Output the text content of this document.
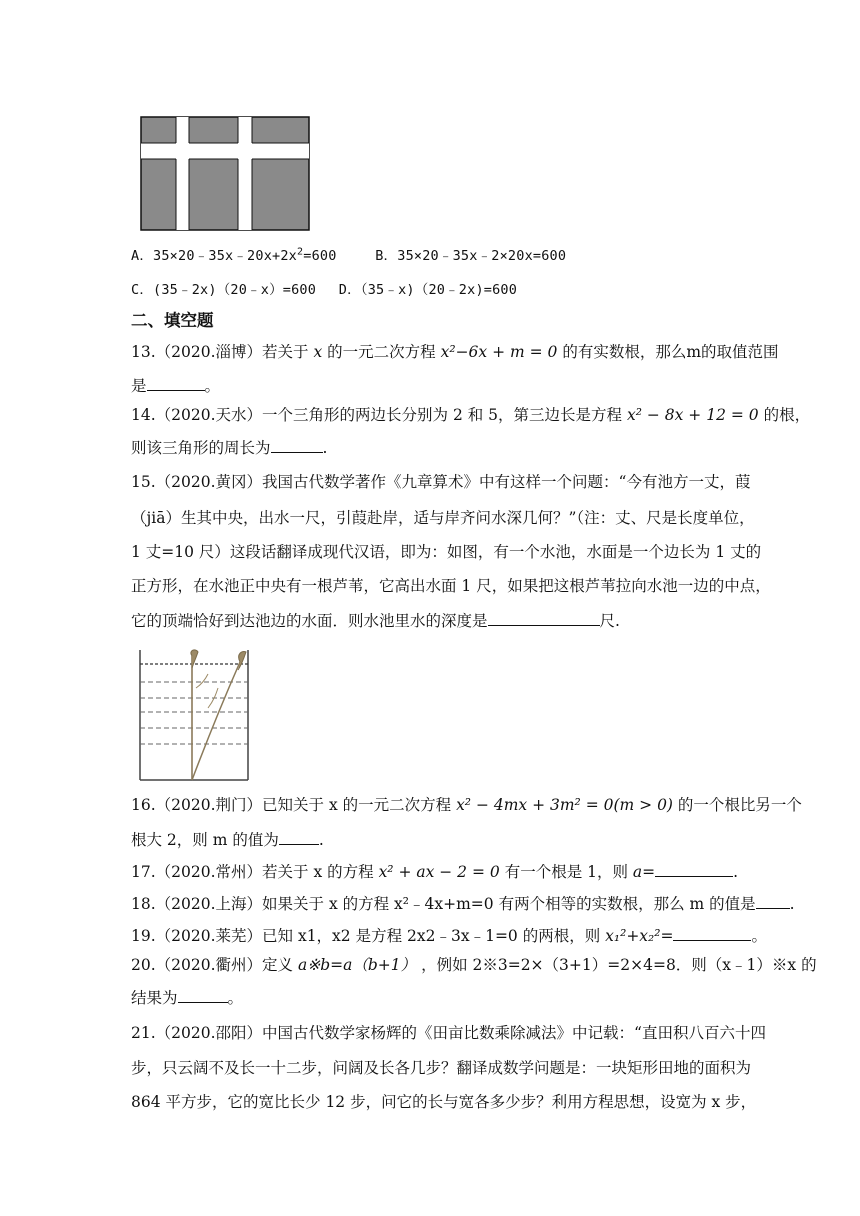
A．$35\times 20﹣35x﹣20x+2x^2=600$	B．35×20﹣35x﹣2×20x=600
C．(35﹣2x)（20﹣x）=600 D．（35﹣x)（20﹣2x)=600
二、填空题
13.（2020.淄博）若关于 x 的一元二次方程 x²−6x + m = 0 的有实数根，那么m的取值范围
是	。
14.（2020.天水）一个三角形的两边长分别为 2 和 5，第三边长是方程 x² − 8x + 12 = 0 的根，
则该三角形的周长为	.
15.（2020.黄冈）我国古代数学著作《九章算术》中有这样一个问题：“今有池方一丈，葭
（jiā）生其中央，出水一尺，引葭赴岸，适与岸齐问水深几何？”（注：丈、尺是长度单位，
1 丈=10 尺）这段话翻译成现代汉语，即为：如图，有一个水池，水面是一个边长为 1 丈的
正方形，在水池正中央有一根芦苇，它高出水面 1 尺，如果把这根芦苇拉向水池一边的中点，
它的顶端恰好到达池边的水面．则水池里水的深度是	尺.
16.（2020.荆门）已知关于 x 的一元二次方程 x² − 4mx + 3m² = 0(m > 0) 的一个根比另一个
根大 2，则 m 的值为	.
17.（2020.常州）若关于 x 的方程 x² + ax − 2 = 0 有一个根是 1，则 a=	.
18.（2020.上海）如果关于 x 的方程 x²﹣4x+m=0 有两个相等的实数根，那么 m 的值是 .
19.（2020.莱芜）已知 x1，x2 是方程 2x2﹣3x﹣1=0 的两根，则 x₁²+x₂²=	。
20.（2020.衢州）定义 a※b=a（b+1） ，例如 2※3=2×（3+1）=2×4=8．则（x﹣1）※x 的
结果为	。
21.（2020.邵阳）中国古代数学家杨辉的《田亩比数乘除减法》中记载：“直田积八百六十四
步，只云阔不及长一十二步，问阔及长各几步？翻译成数学问题是：一块矩形田地的面积为
864 平方步，它的宽比长少 12 步，问它的长与宽各多少步？利用方程思想，设宽为 x 步，
